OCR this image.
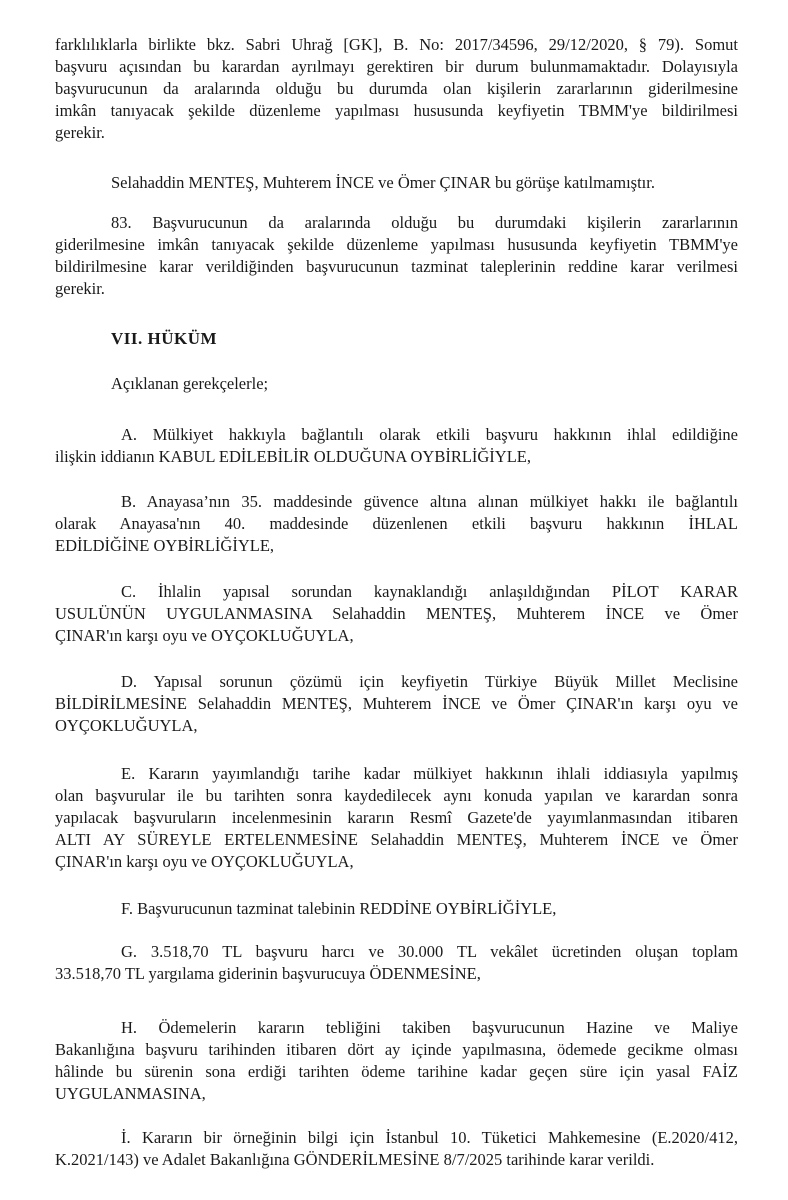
farklılıklarla birlikte bkz. Sabri Uhrağ [GK], B. No: 2017/34596, 29/12/2020, § 79). Somut
başvuru açısından bu karardan ayrılmayı gerektiren bir durum bulunmamaktadır. Dolayısıyla
başvurucunun da aralarında olduğu bu durumda olan kişilerin zararlarının giderilmesine
imkân tanıyacak şekilde düzenleme yapılması hususunda keyfiyetin TBMM'ye bildirilmesi
gerekir.

Selahaddin MENTEŞ, Muhterem İNCE ve Ömer ÇINAR bu görüşe katılmamıştır.

83. Başvurucunun da aralarında olduğu bu durumdaki kişilerin zararlarının
giderilmesine imkân tanıyacak şekilde düzenleme yapılması hususunda keyfiyetin TBMM'ye
bildirilmesine karar verildiğinden başvurucunun tazminat taleplerinin reddine karar verilmesi
gerekir.

VII. HÜKÜM
Açıklanan gerekçelerle;

A. Mülkiyet hakkıyla bağlantılı olarak etkili başvuru hakkının ihlal edildiğine
ilişkin iddianın KABUL EDİLEBİLİR OLDUĞUNA OYBİRLİĞİYLE,

B. Anayasa’nın 35. maddesinde güvence altına alınan mülkiyet hakkı ile bağlantılı
olarak Anayasa'nın 40. maddesinde düzenlenen etkili başvuru hakkının İHLAL
EDİLDİĞİNE OYBİRLİĞİYLE,

C. İhlalin yapısal sorundan kaynaklandığı anlaşıldığından PİLOT KARAR
USULÜNÜN UYGULANMASINA Selahaddin MENTEŞ, Muhterem İNCE ve Ömer
ÇINAR'ın karşı oyu ve OYÇOKLUĞUYLA,

D. Yapısal sorunun çözümü için keyfiyetin Türkiye Büyük Millet Meclisine
BİLDİRİLMESİNE Selahaddin MENTEŞ, Muhterem İNCE ve Ömer ÇINAR'ın karşı oyu ve
OYÇOKLUĞUYLA,

E. Kararın yayımlandığı tarihe kadar mülkiyet hakkının ihlali iddiasıyla yapılmış
olan başvurular ile bu tarihten sonra kaydedilecek aynı konuda yapılan ve karardan sonra
yapılacak başvuruların incelenmesinin kararın Resmî Gazete'de yayımlanmasından itibaren
ALTI AY SÜREYLE ERTELENMESİNE Selahaddin MENTEŞ, Muhterem İNCE ve Ömer
ÇINAR'ın karşı oyu ve OYÇOKLUĞUYLA,

F. Başvurucunun tazminat talebinin REDDİNE OYBİRLİĞİYLE,

G. 3.518,70 TL başvuru harcı ve 30.000 TL vekâlet ücretinden oluşan toplam
33.518,70 TL yargılama giderinin başvurucuya ÖDENMESİNE,

H. Ödemelerin kararın tebliğini takiben başvurucunun Hazine ve Maliye
Bakanlığına başvuru tarihinden itibaren dört ay içinde yapılmasına, ödemede gecikme olması
hâlinde bu sürenin sona erdiği tarihten ödeme tarihine kadar geçen süre için yasal FAİZ
UYGULANMASINA,

İ. Kararın bir örneğinin bilgi için İstanbul 10. Tüketici Mahkemesine (E.2020/412,
K.2021/143) ve Adalet Bakanlığına GÖNDERİLMESİNE 8/7/2025 tarihinde karar verildi.
